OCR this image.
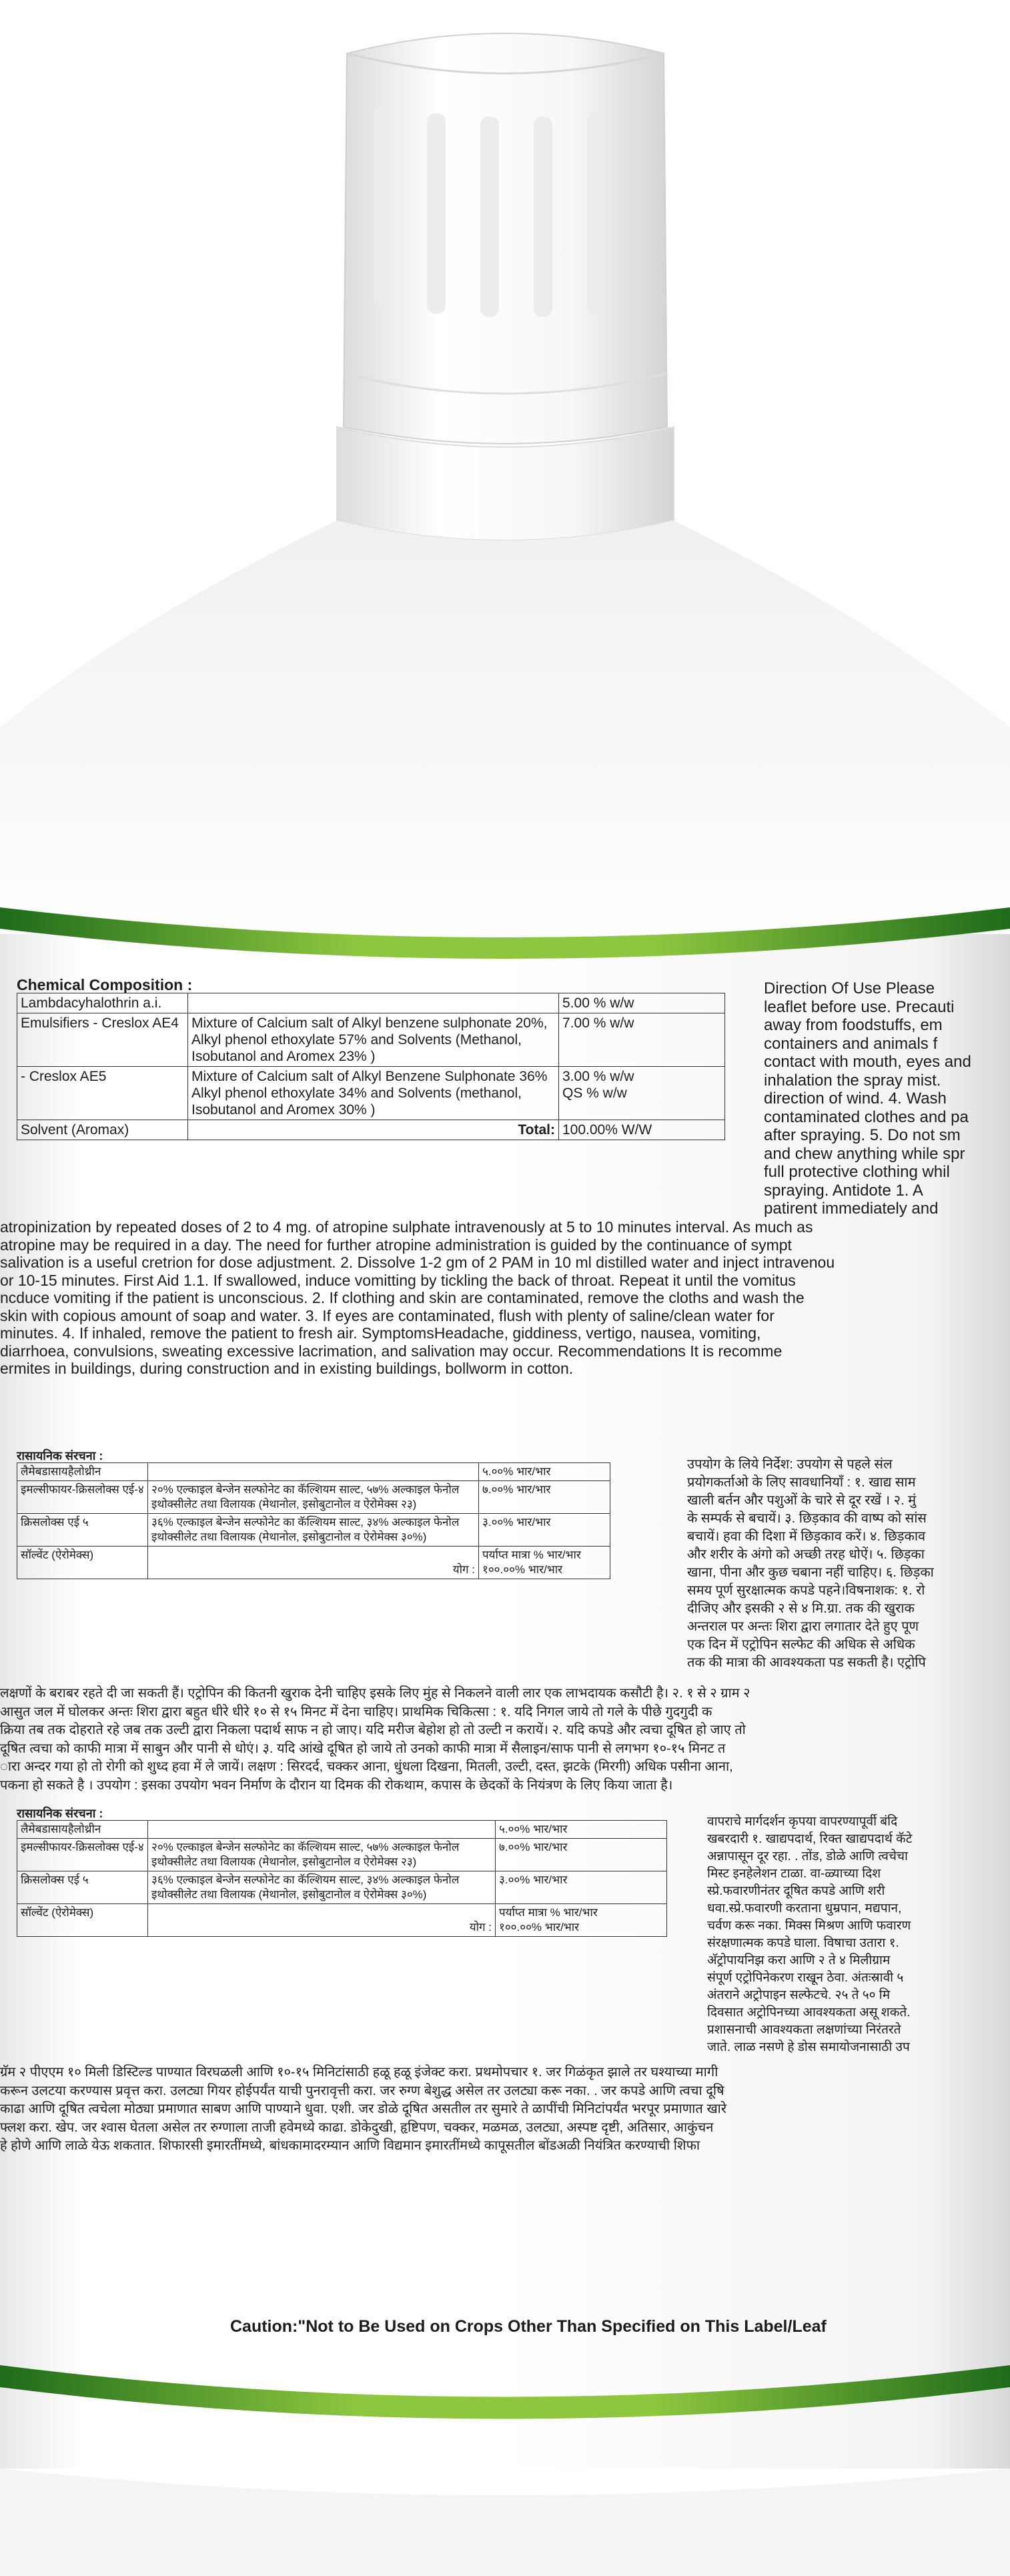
Chemical Composition :
Lambdacyhalothrin a.i.		5.00 % w/w
Emulsifiers - Creslox AE4	Mixture of Calcium salt of Alkyl benzene sulphonate 20%, Alkyl phenol ethoxylate 57% and Solvents (Methanol, Isobutanol and Aromex 23% )	7.00 % w/w
- Creslox AE5	Mixture of Calcium salt of Alkyl Benzene Sulphonate 36% Alkyl phenol ethoxylate 34% and Solvents (methanol, Isobutanol and Aromex 30% )	3.00 % w/w
QS % w/w
Solvent (Aromax)	Total:	100.00% W/W
Direction Of Use Please
leaflet before use. Precauti
away from foodstuffs, em
containers and animals f
contact with mouth, eyes and
inhalation the spray mist.
direction of wind. 4. Wash
contaminated clothes and pa
after spraying. 5. Do not sm
and chew anything while spr
full protective clothing whil
spraying. Antidote 1. A
patirent immediately and
atropinization by repeated doses of 2 to 4 mg. of atropine sulphate intravenously at 5 to 10 minutes interval. As much as
atropine may be required in a day. The need for further atropine administration is guided by the continuance of sympt
salivation is a useful cretrion for dose adjustment. 2. Dissolve 1-2 gm of 2 PAM in 10 ml distilled water and inject intravenou
or 10-15 minutes. First Aid 1.1. If swallowed, induce vomitting by tickling the back of throat. Repeat it until the vomitus
ncduce vomiting if the patient is unconscious. 2. If clothing and skin are contaminated, remove the cloths and wash the
skin with copious amount of soap and water. 3. If eyes are contaminated, flush with plenty of saline/clean water for
minutes. 4. If inhaled, remove the patient to fresh air. SymptomsHeadache, giddiness, vertigo, nausea, vomiting,
diarrhoea, convulsions, sweating excessive lacrimation, and salivation may occur. Recommendations It is recomme
ermites in buildings, during construction and in existing buildings, bollworm in cotton.
रासायनिक संरचना :
लैमेबडासायहैलोथ्रीन		५.००% भार/भार
इमल्सीफायर-क्रिसलोक्स एई-४	२०% एल्काइल बेन्जेन सल्फोनेट का कॅल्शियम साल्ट, ५७% अल्काइल फेनोल इथोक्सीलेट तथा विलायक (मेथानोल, इसोबुटानोल व ऐरोमेक्स २३)	७.००% भार/भार
क्रिसलोक्स एई ५	३६% एल्काइल बेन्जेन सल्फोनेट का कॅल्शियम साल्ट, ३४% अल्काइल फेनोल इथोक्सीलेट तथा विलायक (मेथानोल, इसोबुटानोल व ऐरोमेक्स ३०%)	३.००% भार/भार
सॉल्वेंट (ऐरोमेक्स)	योग :	पर्याप्त मात्रा % भार/भार
१००.००% भार/भार
उपयोग के लिये निर्देश: उपयोग से पहले संल
प्रयोगकर्ताओ के लिए सावधानियाँ : १. खाद्य साम
खाली बर्तन और पशुओं के चारे से दूर रखें । २. मुं
के सम्पर्क से बचायें। ३. छिड़काव की वाष्प को सांस
बचायें। हवा की दिशा में छिड़काव करें। ४. छिड़काव
और शरीर के अंगो को अच्छी तरह धोऐं। ५. छिड़का
खाना, पीना और कुछ चबाना नहीं चाहिए। ६. छिड़का
समय पूर्ण सुरक्षात्मक कपडे पहने।विषनाशक: १. रो
दीजिए और इसकी २ से ४ मि.ग्रा. तक की खुराक
अन्तराल पर अन्तः शिरा द्वारा लगातार देते हुए पूण
एक दिन में एट्रोपिन सल्फेट की अधिक से अधिक
तक की मात्रा की आवश्यकता पड सकती है। एट्रोपि
लक्षणों के बराबर रहते दी जा सकती हैं। एट्रोपिन की कितनी खुराक देनी चाहिए इसके लिए मुंह से निकलने वाली लार एक लाभदायक कसौटी है। २. १ से २ ग्राम २
आसुत जल में घोलकर अन्तः शिरा द्वारा बहुत धीरे धीरे १० से १५ मिनट में देना चाहिए। प्राथमिक चिकित्सा : १. यदि निगल जाये तो गले के पीछे गुदगुदी क
क्रिया तब तक दोहराते रहे जब तक उल्टी द्वारा निकला पदार्थ साफ न हो जाए। यदि मरीज बेहोश हो तो उल्टी न करायें। २. यदि कपडे और त्वचा दूषित हो जाए तो
दूषित त्वचा को काफी मात्रा में साबुन और पानी से धोएं। ३. यदि आंखे दूषित हो जाये तो उनको काफी मात्रा में सैलाइन/साफ पानी से लगभग १०-१५ मिनट त
ारा अन्दर गया हो तो रोगी को शुध्द हवा में ले जायें। लक्षण : सिरदर्द, चक्कर आना, धुंधला दिखना, मितली, उल्टी, दस्त, झटके (मिरगी) अधिक पसीना आना,
पकना हो सकते है । उपयोग : इसका उपयोग भवन निर्माण के दौरान या दिमक की रोकथाम, कपास के छेदकों के नियंत्रण के लिए किया जाता है।
रासायनिक संरचना :
लैमेबडासायहैलोथ्रीन		५.००% भार/भार
इमल्सीफायर-क्रिसलोक्स एई-४	२०% एल्काइल बेन्जेन सल्फोनेट का कॅल्शियम साल्ट, ५७% अल्काइल फेनोल इथोक्सीलेट तथा विलायक (मेथानोल, इसोबुटानोल व ऐरोमेक्स २३)	७.००% भार/भार
क्रिसलोक्स एई ५	३६% एल्काइल बेन्जेन सल्फोनेट का कॅल्शियम साल्ट, ३४% अल्काइल फेनोल इथोक्सीलेट तथा विलायक (मेथानोल, इसोबुटानोल व ऐरोमेक्स ३०%)	३.००% भार/भार
सॉल्वेंट (ऐरोमेक्स)	योग :	पर्याप्त मात्रा % भार/भार
१००.००% भार/भार
वापराचे मार्गदर्शन कृपया वापरण्यापूर्वी बंदि
खबरदारी १. खाद्यपदार्थ, रिक्त खाद्यपदार्थ कॅटे
अन्नापासून दूर रहा. . तोंड, डोळे आणि त्वचेचा
मिस्ट इनहेलेशन टाळा. वा-ळ्याच्या दिश
स्प्रे.फवारणीनंतर दूषित कपडे आणि शरी
धवा.स्प्रे.फवारणी करताना धुम्रपान, मद्यपान,
चर्वण करू नका. मिक्स मिश्रण आणि फवारण
संरक्षणात्मक कपडे घाला. विषाचा उतारा १.
अ‍ॅट्रोपायनिझ करा आणि २ ते ४ मिलीग्राम
संपूर्ण एट्रोपिनेकरण राखून ठेवा. अंतःस्रावी ५
अंतराने अट्रोपाइन सल्फेटचे. २५ ते ५० मि
दिवसात अट्रोपिनच्या आवश्यकता असू शकते.
प्रशासनाची आवश्यकता लक्षणांच्या निरंतरते
जाते. लाळ नसणे हे डोस समायोजनासाठी उप
ग्रॅम २ पीएएम १० मिली डिस्टिल्ड पाण्यात विरघळली आणि १०-१५ मिनिटांसाठी हळू हळू इंजेक्ट करा. प्रथमोपचार १. जर गिळंकृत झाले तर घश्याच्या मागी
करून उलटया करण्यास प्रवृत्त करा. उलट्या गियर होईपर्यंत याची पुनरावृत्ती करा. जर रुग्ण बेशुद्ध असेल तर उलट्या करू नका. . जर कपडे आणि त्वचा दूषि
काढा आणि दूषित त्वचेला मोठ्या प्रमाणात साबण आणि पाण्याने धुवा. एशी. जर डोळे दूषित असतील तर सुमारे ते ळापींची मिनिटांपर्यंत भरपूर प्रमाणात खारे
फ्लश करा. खेप. जर श्वास घेतला असेल तर रुग्णाला ताजी हवेमध्ये काढा. डोकेदुखी, हृष्टिपण, चक्कर, मळमळ, उलट्या, अस्पष्ट दृष्टी, अतिसार, आकुंचन
हे होणे आणि लाळे येऊ शकतात. शिफारसी इमारतींमध्ये, बांधकामादरम्यान आणि विद्यमान इमारतींमध्ये कापूसतील बोंडअळी नियंत्रित करण्याची शिफा
Caution:"Not to Be Used on Crops Other Than Specified on This Label/Leaf
